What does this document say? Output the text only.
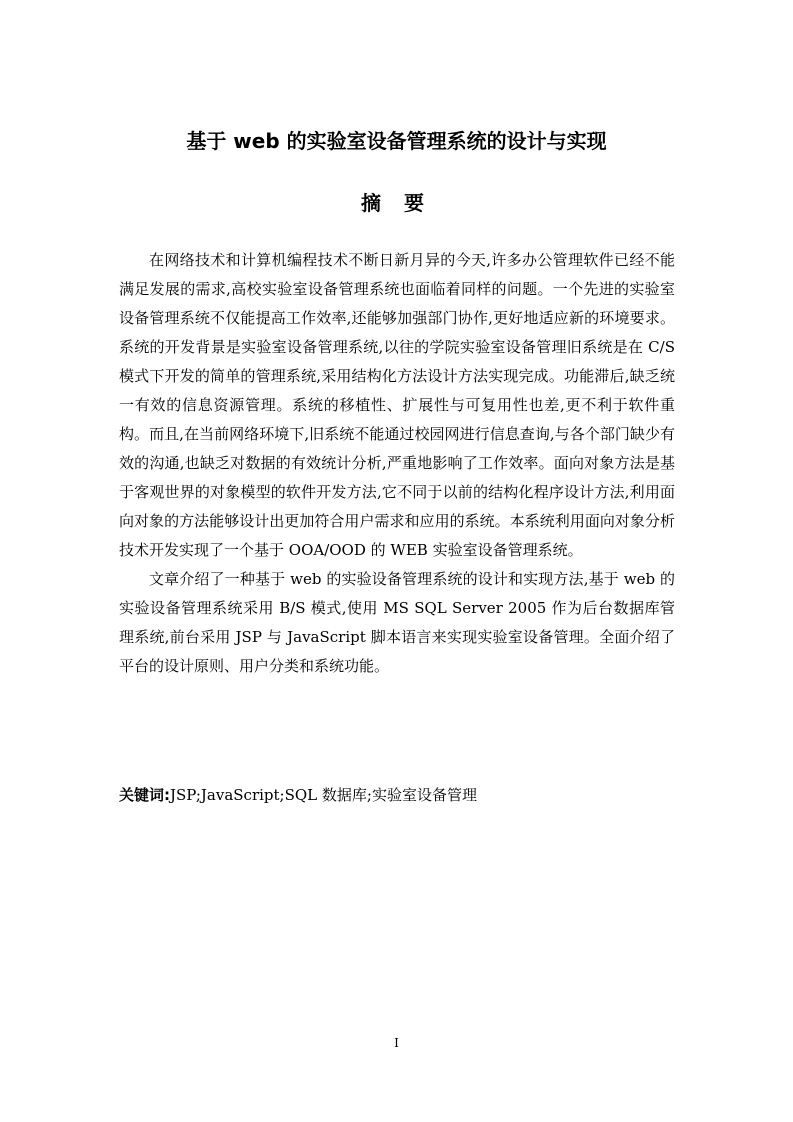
基于 web 的实验室设备管理系统的设计与实现
摘 要

在网络技术和计算机编程技术不断日新月异的今天,许多办公管理软件已经不能满足发展的需求,高校实验室设备管理系统也面临着同样的问题。一个先进的实验室设备管理系统不仅能提高工作效率,还能够加强部门协作,更好地适应新的环境要求。系统的开发背景是实验室设备管理系统,以往的学院实验室设备管理旧系统是在 C/S 模式下开发的简单的管理系统,采用结构化方法设计方法实现完成。功能滞后,缺乏统一有效的信息资源管理。系统的移植性、扩展性与可复用性也差,更不利于软件重构。而且,在当前网络环境下,旧系统不能通过校园网进行信息查询,与各个部门缺少有效的沟通,也缺乏对数据的有效统计分析,严重地影响了工作效率。面向对象方法是基于客观世界的对象模型的软件开发方法,它不同于以前的结构化程序设计方法,利用面向对象的方法能够设计出更加符合用户需求和应用的系统。本系统利用面向对象分析技术开发实现了一个基于 OOA/OOD 的 WEB 实验室设备管理系统。

文章介绍了一种基于 web 的实验设备管理系统的设计和实现方法,基于 web 的实验设备管理系统采用 B/S 模式,使用 MS SQL Server 2005 作为后台数据库管理系统,前台采用 JSP 与 JavaScript 脚本语言来实现实验室设备管理。全面介绍了平台的设计原则、用户分类和系统功能。

关键词:JSP;JavaScript;SQL 数据库;实验室设备管理
I
